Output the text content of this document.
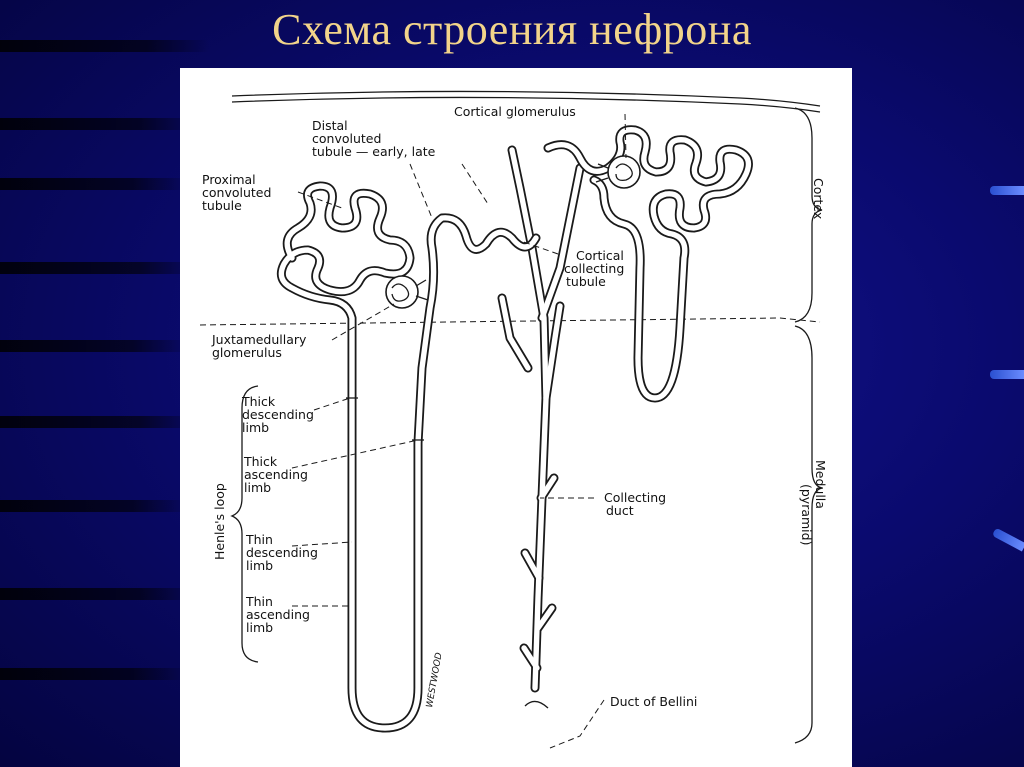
Схема строения нефрона
WESTWOOD
Cortical glomerulus
Distal
convoluted
tubule — early, late
Proximal
convoluted
tubule
Cortical
collecting
tubule
Juxtamedullary
glomerulus
Thick
descending
limb
Thick
ascending
limb
Thin
descending
limb
Thin
ascending
limb
Henle's loop	Collecting
duct
Duct of Bellini
Cortex
Medulla
(pyramid)
